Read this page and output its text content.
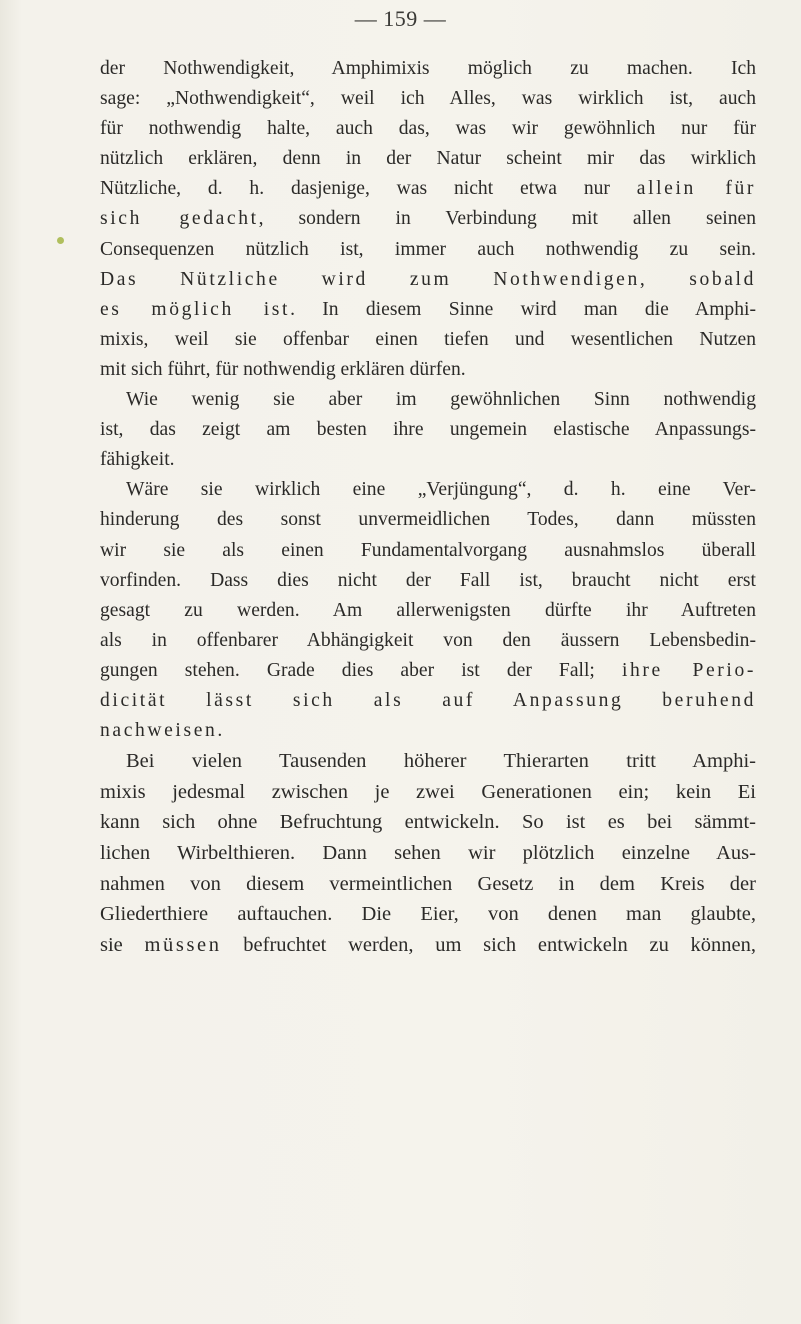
— 159 —
der Nothwendigkeit, Amphimixis möglich zu machen. Ich
sage: „Nothwendigkeit“, weil ich Alles, was wirklich ist, auch
für nothwendig halte, auch das, was wir gewöhnlich nur für
nützlich erklären, denn in der Natur scheint mir das wirklich
Nützliche, d. h. dasjenige, was nicht etwa nur allein für
sich gedacht, sondern in Verbindung mit allen seinen
Consequenzen nützlich ist, immer auch nothwendig zu sein.
Das Nützliche wird zum Nothwendigen, sobald
es möglich ist. In diesem Sinne wird man die Amphi-
mixis, weil sie offenbar einen tiefen und wesentlichen Nutzen
mit sich führt, für nothwendig erklären dürfen.
Wie wenig sie aber im gewöhnlichen Sinn nothwendig
ist, das zeigt am besten ihre ungemein elastische Anpassungs-
fähigkeit.
Wäre sie wirklich eine „Verjüngung“, d. h. eine Ver-
hinderung des sonst unvermeidlichen Todes, dann müssten
wir sie als einen Fundamentalvorgang ausnahmslos überall
vorfinden. Dass dies nicht der Fall ist, braucht nicht erst
gesagt zu werden. Am allerwenigsten dürfte ihr Auftreten
als in offenbarer Abhängigkeit von den äussern Lebensbedin-
gungen stehen. Grade dies aber ist der Fall; ihre Perio-
dicität lässt sich als auf Anpassung beruhend
nachweisen.
Bei vielen Tausenden höherer Thierarten tritt Amphi-
mixis jedesmal zwischen je zwei Generationen ein; kein Ei
kann sich ohne Befruchtung entwickeln. So ist es bei sämmt-
lichen Wirbelthieren. Dann sehen wir plötzlich einzelne Aus-
nahmen von diesem vermeintlichen Gesetz in dem Kreis der
Gliederthiere auftauchen. Die Eier, von denen man glaubte,
sie müssen befruchtet werden, um sich entwickeln zu können,
